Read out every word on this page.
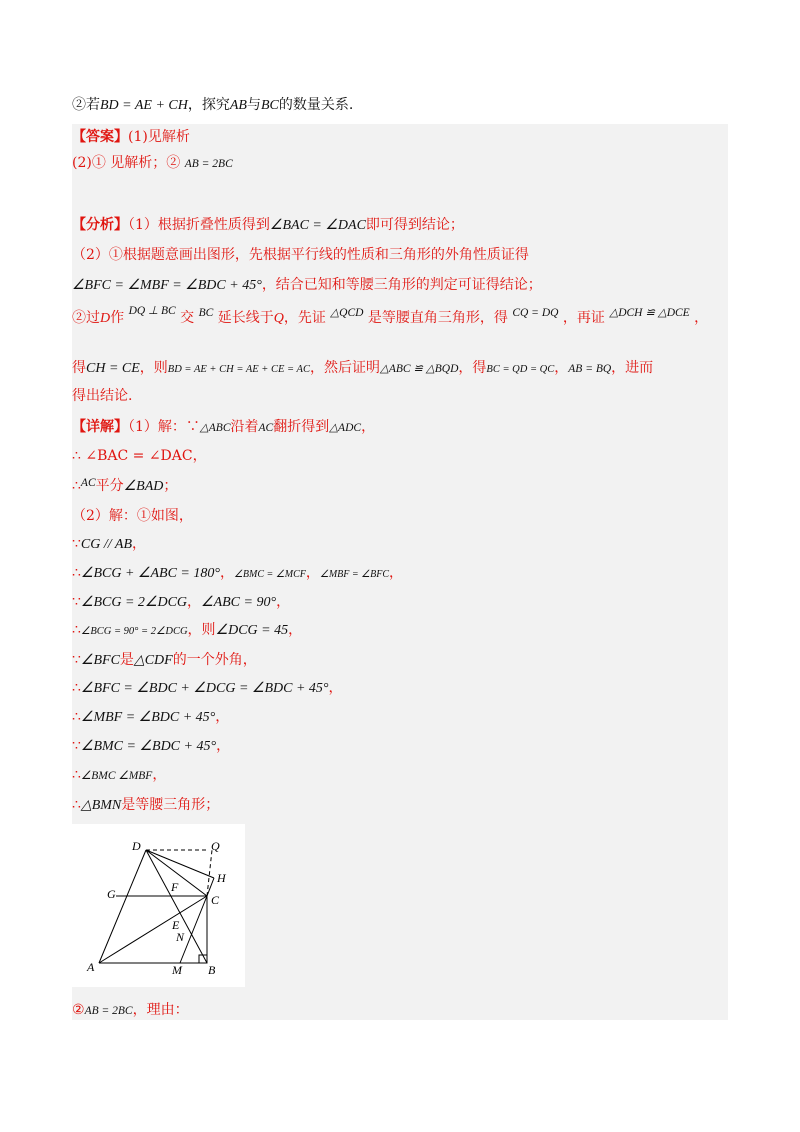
②若BD = AE + CH，探究AB与BC的数量关系.
【答案】(1)见解析
(2)① 见解析；② AB = 2BC
【分析】（1）根据折叠性质得到∠BAC = ∠DAC即可得到结论；
（2）①根据题意画出图形，先根据平行线的性质和三角形的外角性质证得
∠BFC = ∠MBF = ∠BDC + 45°，结合已知和等腰三角形的判定可证得结论；
②过D作 $^{DQ \perp BC}$ 交 $^{BC}$ 延长线于Q，先证 $^{\triangle QCD}$ 是等腰直角三角形，得 $^{CQ = DQ}$ ，再证 $^{\triangle DCH ≌ \triangle DCE}$ ，
得CH = CE，则BD = AE + CH = AE + CE = AC，然后证明△ABC ≌ △BQD，得BC = QD = QC，AB = BQ，进而
得出结论.
【详解】（1）解：∵△ABC沿着AC翻折得到△ADC，
∴ ∠BAC = ∠DAC，
∴$^{AC}$平分∠BAD；
（2）解：①如图，
∵CG // AB，
∴∠BCG + ∠ABC = 180°，∠BMC = ∠MCF，∠MBF = ∠BFC，
∵∠BCG = 2∠DCG，∠ABC = 90°，
∴∠BCG = 90° = 2∠DCG，则∠DCG = 45，
∵∠BFC是△CDF的一个外角，
∴∠BFC = ∠BDC + ∠DCG = ∠BDC + 45°，
∴∠MBF = ∠BDC + 45°，
∵∠BMC = ∠BDC + 45°，
∴∠BMC ∠MBF，
∴△BMN是等腰三角形；
D	Q
H
G	F
C
E
N
A	M B
②AB = 2BC，理由：
